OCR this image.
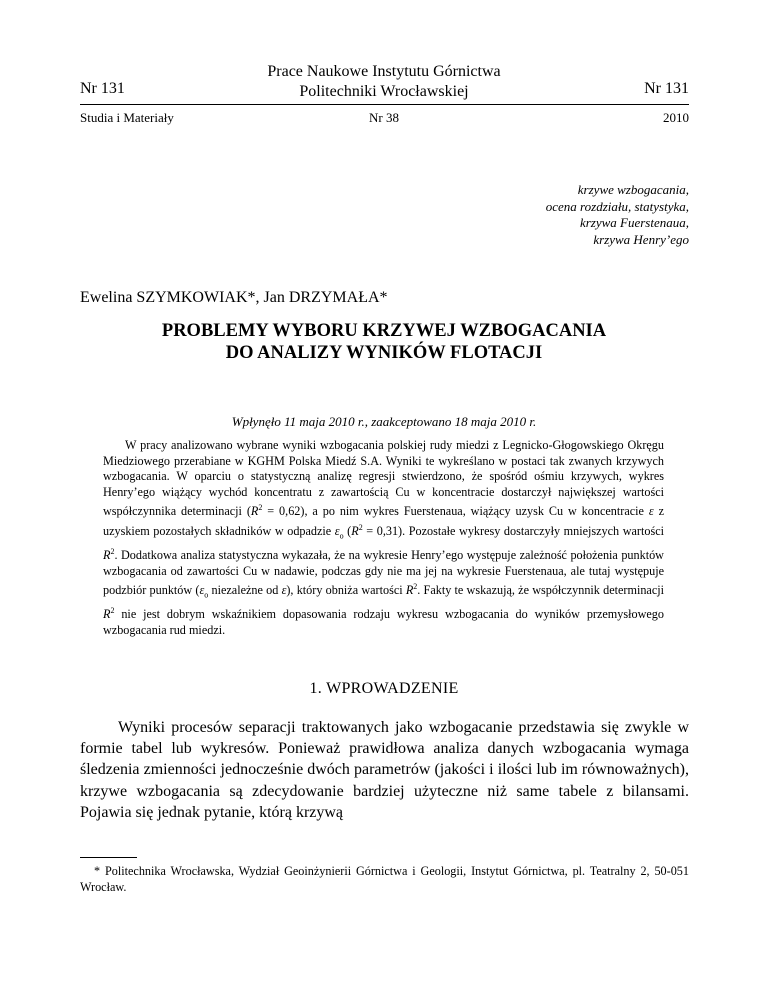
Nr 131
Prace Naukowe Instytutu Górnictwa
Politechniki Wrocławskiej	Nr 131
Studia i Materiały	Nr 38	2010
krzywe wzbogacania,
ocena rozdziału, statystyka,
krzywa Fuerstenaua,
krzywa Henry’ego
Ewelina SZYMKOWIAK*, Jan DRZYMAŁA*
PROBLEMY WYBORU KRZYWEJ WZBOGACANIA
DO ANALIZY WYNIKÓW FLOTACJI
Wpłynęło 11 maja 2010 r., zaakceptowano 18 maja 2010 r.

W pracy analizowano wybrane wyniki wzbogacania polskiej rudy miedzi z Legnicko-Głogowskiego Okręgu Miedziowego przerabiane w KGHM Polska Miedź S.A. Wyniki te wykreślano w postaci tak zwanych krzywych wzbogacania. W oparciu o statystyczną analizę regresji stwierdzono, że spośród ośmiu krzywych, wykres Henry’ego wiążący wychód koncentratu z zawartością Cu w koncentracie dostarczył największej wartości współczynnika determinacji $(R^2 = 0,62)$, a po nim wykres Fuerstenaua, wiążący uzysk Cu w koncentracie ε z uzyskiem pozostałych składników w odpadzie $\varepsilon_o$ $(R^2 = 0,31)$. Pozostałe wykresy dostarczyły mniejszych wartości $R^2$. Dodatkowa analiza statystyczna wykazała, że na wykresie Henry’ego występuje zależność położenia punktów wzbogacania od zawartości Cu w nadawie, podczas gdy nie ma jej na wykresie Fuerstenaua, ale tutaj występuje podzbiór punktów ($\varepsilon_o$ niezależne od ε), który obniża wartości $R^2$. Fakty te wskazują, że współczynnik determinacji $R^2$ nie jest dobrym wskaźnikiem dopasowania rodzaju wykresu wzbogacania do wyników przemysłowego wzbogacania rud miedzi.

1. WPROWADZENIE

Wyniki procesów separacji traktowanych jako wzbogacanie przedstawia się zwykle w formie tabel lub wykresów. Ponieważ prawidłowa analiza danych wzbogacania wymaga śledzenia zmienności jednocześnie dwóch parametrów (jakości i ilości lub im równoważnych), krzywe wzbogacania są zdecydowanie bardziej użyteczne niż same tabele z bilansami. Pojawia się jednak pytanie, którą krzywą

* Politechnika Wrocławska, Wydział Geoinżynierii Górnictwa i Geologii, Instytut Górnictwa, pl. Teatralny 2, 50-051 Wrocław.
